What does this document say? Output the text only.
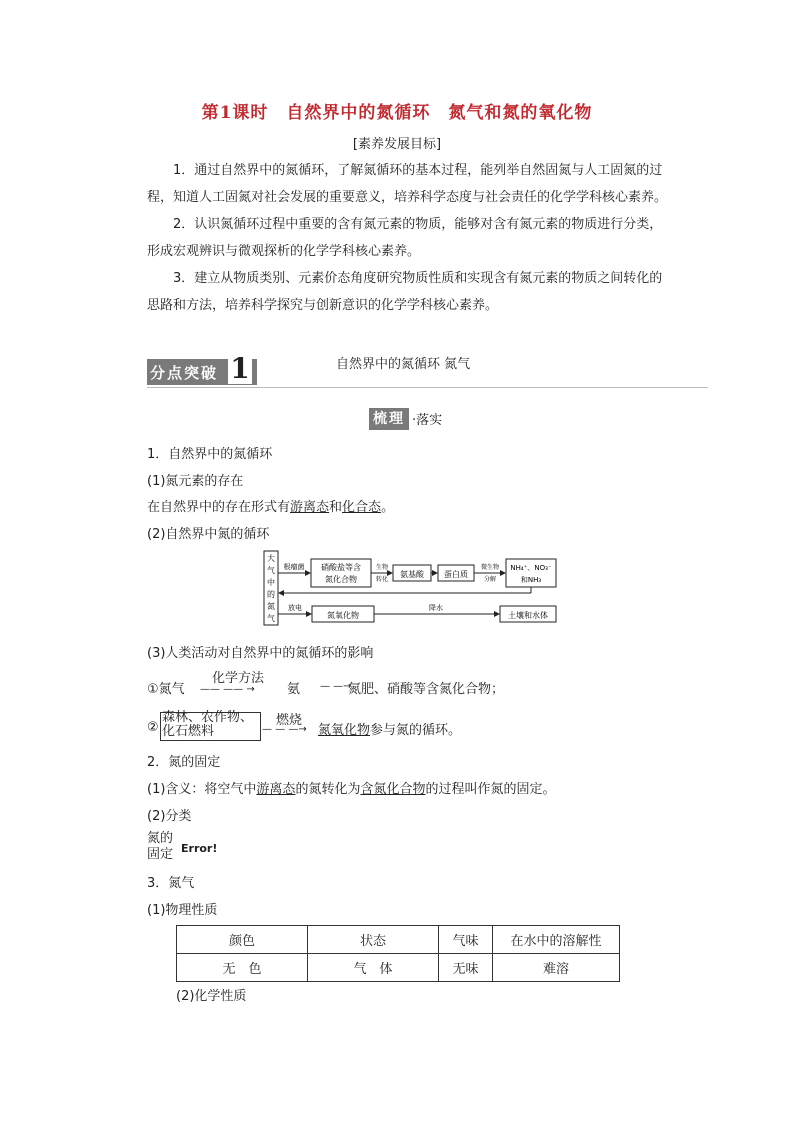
第1课时　自然界中的氮循环　氮气和氮的氧化物
[素养发展目标]
1．通过自然界中的氮循环，了解氮循环的基本过程，能列举自然固氮与人工固氮的过程，知道人工固氮对社会发展的重要意义，培养科学态度与社会责任的化学学科核心素养。
2．认识氮循环过程中重要的含有氮元素的物质，能够对含有氮元素的物质进行分类，形成宏观辨识与微观探析的化学学科核心素养。
3．建立从物质类别、元素价态角度研究物质性质和实现含有氮元素的物质之间转化的思路和方法，培养科学探究与创新意识的化学学科核心素养。
分点突破 1	自然界中的氮循环 氮气
梳理 ·落实
1．自然界中的氮循环
(1)氮元素的存在
在自然界中的存在形式有游离态和化合态。
(2)自然界中氮的循环
大
气
中
的
氮
气
根瘤菌 硝酸盐等含
氮化合物
生物
转化
氨基酸	蛋白质
微生物
分解
NH₄⁺、NO₃⁻
和NH₃
放电
氮氧化物
降水
土壤和水体
(3)人类活动对自然界中的氮循环的影响
①氮气
化学方法
—— —— → 氨 — —→
氮肥、硝酸等含氮化合物；
②
森林、农作物、
化石燃料
燃烧
— — —→ 氮氧化物参与氮的循环。
2．氮的固定
(1)含义：将空气中游离态的氮转化为含氮化合物的过程叫作氮的固定。
(2)分类
氮的
固定 Error!
3．氮气
(1)物理性质
颜色	状态	气味	在水中的溶解性
无　色	气　体	无味	难溶
(2)化学性质
